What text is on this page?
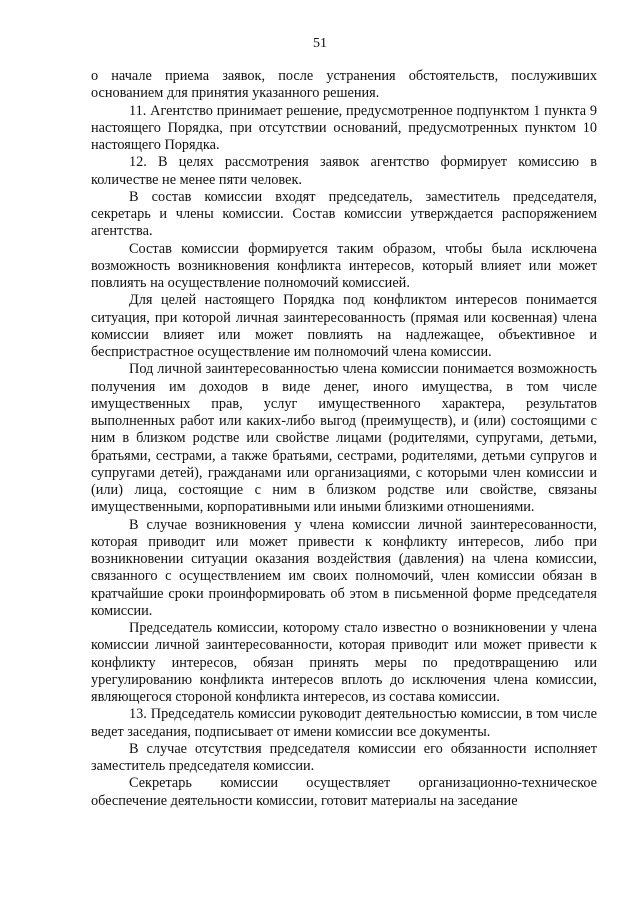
51

о начале приема заявок, после устранения обстоятельств, послуживших основанием для принятия указанного решения.

11. Агентство принимает решение, предусмотренное подпунктом 1 пункта 9 настоящего Порядка, при отсутствии оснований, предусмотренных пунктом 10 настоящего Порядка.

12. В целях рассмотрения заявок агентство формирует комиссию в количестве не менее пяти человек.

В состав комиссии входят председатель, заместитель председателя, секретарь и члены комиссии. Состав комиссии утверждается распоряжением агентства.

Состав комиссии формируется таким образом, чтобы была исключена возможность возникновения конфликта интересов, который влияет или может повлиять на осуществление полномочий комиссией.

Для целей настоящего Порядка под конфликтом интересов понимается ситуация, при которой личная заинтересованность (прямая или косвенная) члена комиссии влияет или может повлиять на надлежащее, объективное и беспристрастное осуществление им полномочий члена комиссии.

Под личной заинтересованностью члена комиссии понимается возможность получения им доходов в виде денег, иного имущества, в том числе имущественных прав, услуг имущественного характера, результатов выполненных работ или каких-либо выгод (преимуществ), и (или) состоящими с ним в близком родстве или свойстве лицами (родителями, супругами, детьми, братьями, сестрами, а также братьями, сестрами, родителями, детьми супругов и супругами детей), гражданами или организациями, с которыми член комиссии и (или) лица, состоящие с ним в близком родстве или свойстве, связаны имущественными, корпоративными или иными близкими отношениями.

В случае возникновения у члена комиссии личной заинтересованности, которая приводит или может привести к конфликту интересов, либо при возникновении ситуации оказания воздействия (давления) на члена комиссии, связанного с осуществлением им своих полномочий, член комиссии обязан в кратчайшие сроки проинформировать об этом в письменной форме председателя комиссии.

Председатель комиссии, которому стало известно о возникновении у члена комиссии личной заинтересованности, которая приводит или может привести к конфликту интересов, обязан принять меры по предотвращению или урегулированию конфликта интересов вплоть до исключения члена комиссии, являющегося стороной конфликта интересов, из состава комиссии.

13. Председатель комиссии руководит деятельностью комиссии, в том числе ведет заседания, подписывает от имени комиссии все документы.

В случае отсутствия председателя комиссии его обязанности исполняет заместитель председателя комиссии.

Секретарь комиссии осуществляет организационно-техническое обеспечение деятельности комиссии, готовит материалы на заседание
